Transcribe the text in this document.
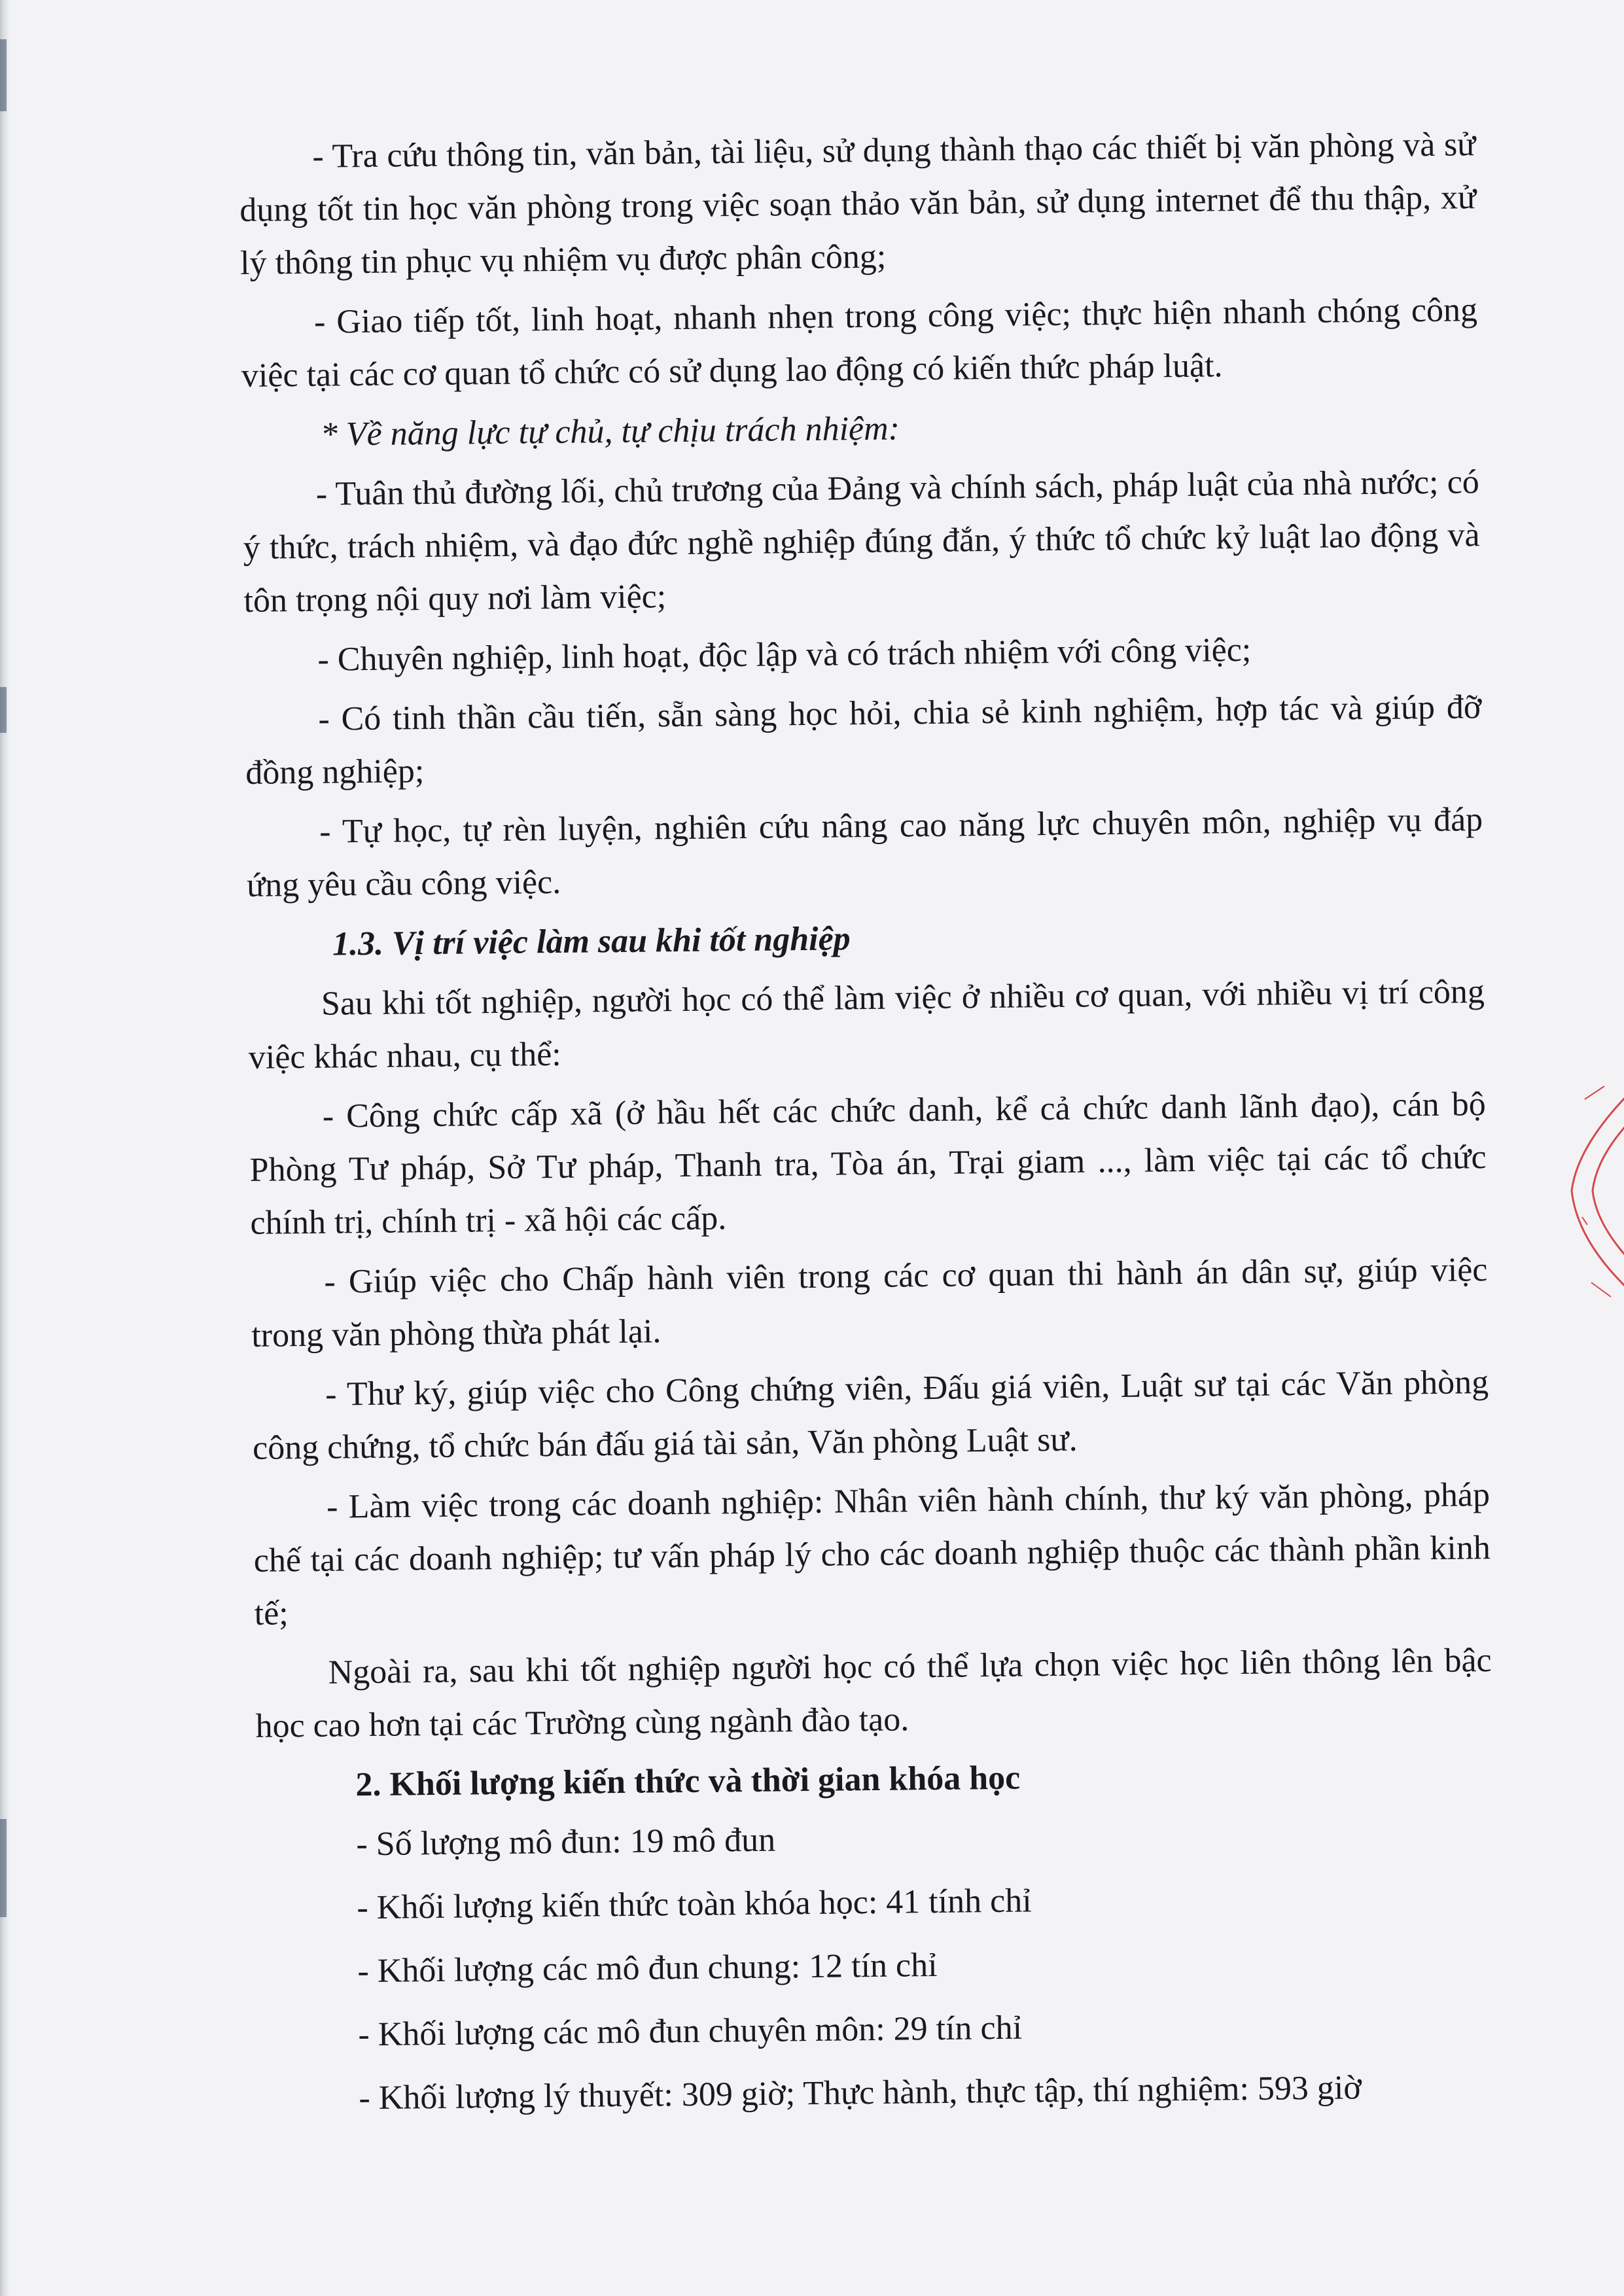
- Tra cứu thông tin, văn bản, tài liệu, sử dụng thành thạo các thiết bị văn phòng và sử dụng tốt tin học văn phòng trong việc soạn thảo văn bản, sử dụng internet để thu thập, xử lý thông tin phục vụ nhiệm vụ được phân công;

- Giao tiếp tốt, linh hoạt, nhanh nhẹn trong công việc; thực hiện nhanh chóng công việc tại các cơ quan tổ chức có sử dụng lao động có kiến thức pháp luật.

* Về năng lực tự chủ, tự chịu trách nhiệm:

- Tuân thủ đường lối, chủ trương của Đảng và chính sách, pháp luật của nhà nước; có ý thức, trách nhiệm, và đạo đức nghề nghiệp đúng đắn, ý thức tổ chức kỷ luật lao động và tôn trọng nội quy nơi làm việc;

- Chuyên nghiệp, linh hoạt, độc lập và có trách nhiệm với công việc;

- Có tinh thần cầu tiến, sẵn sàng học hỏi, chia sẻ kinh nghiệm, hợp tác và giúp đỡ đồng nghiệp;

- Tự học, tự rèn luyện, nghiên cứu nâng cao năng lực chuyên môn, nghiệp vụ đáp ứng yêu cầu công việc.

1.3. Vị trí việc làm sau khi tốt nghiệp

Sau khi tốt nghiệp, người học có thể làm việc ở nhiều cơ quan, với nhiều vị trí công việc khác nhau, cụ thể:

- Công chức cấp xã (ở hầu hết các chức danh, kể cả chức danh lãnh đạo), cán bộ Phòng Tư pháp, Sở Tư pháp, Thanh tra, Tòa án, Trại giam ..., làm việc tại các tổ chức chính trị, chính trị - xã hội các cấp.

- Giúp việc cho Chấp hành viên trong các cơ quan thi hành án dân sự, giúp việc trong văn phòng thừa phát lại.

- Thư ký, giúp việc cho Công chứng viên, Đấu giá viên, Luật sư tại các Văn phòng công chứng, tổ chức bán đấu giá tài sản, Văn phòng Luật sư.

- Làm việc trong các doanh nghiệp: Nhân viên hành chính, thư ký văn phòng, pháp chế tại các doanh nghiệp; tư vấn pháp lý cho các doanh nghiệp thuộc các thành phần kinh tế;

Ngoài ra, sau khi tốt nghiệp người học có thể lựa chọn việc học liên thông lên bậc học cao hơn tại các Trường cùng ngành đào tạo.

2. Khối lượng kiến thức và thời gian khóa học

- Số lượng mô đun: 19 mô đun

- Khối lượng kiến thức toàn khóa học: 41 tính chỉ

- Khối lượng các mô đun chung: 12 tín chỉ

- Khối lượng các mô đun chuyên môn: 29 tín chỉ

- Khối lượng lý thuyết: 309 giờ; Thực hành, thực tập, thí nghiệm: 593 giờ
